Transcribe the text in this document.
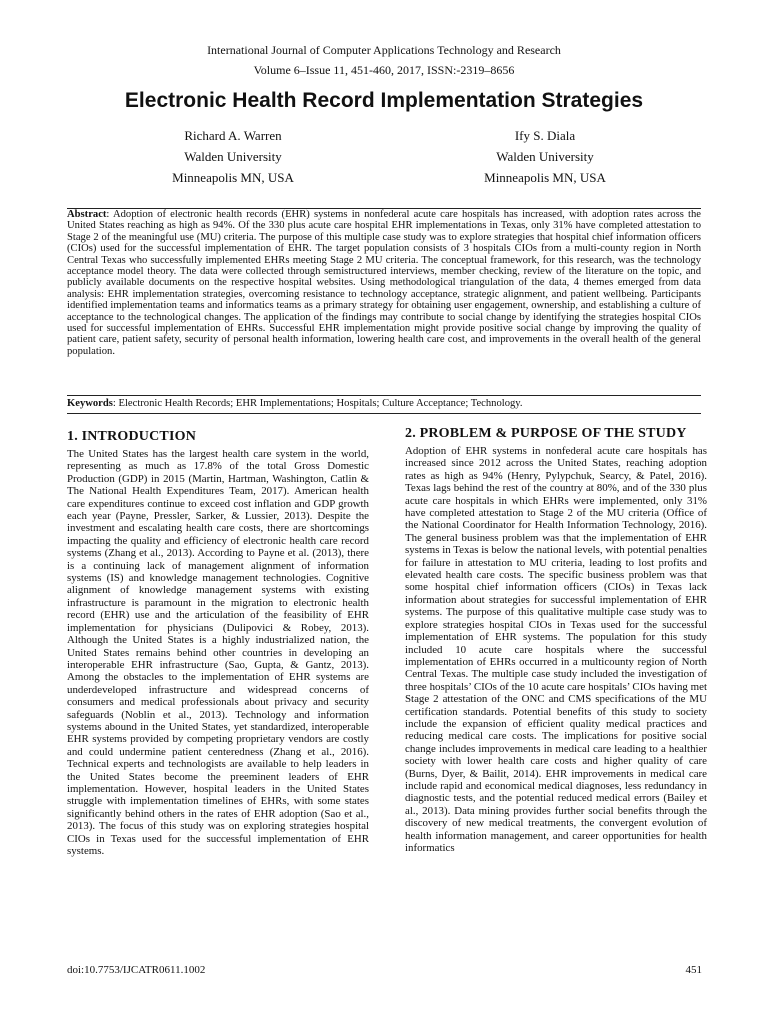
International Journal of Computer Applications Technology and Research
Volume 6–Issue 11, 451-460, 2017, ISSN:-2319–8656
Electronic Health Record Implementation Strategies
Richard A. Warren
Walden University
Minneapolis MN, USA
Ify S. Diala
Walden University
Minneapolis MN, USA

Abstract: Adoption of electronic health records (EHR) systems in nonfederal acute care hospitals has increased, with adoption rates across the United States reaching as high as 94%. Of the 330 plus acute care hospital EHR implementations in Texas, only 31% have completed attestation to Stage 2 of the meaningful use (MU) criteria. The purpose of this multiple case study was to explore strategies that hospital chief information officers (CIOs) used for the successful implementation of EHR. The target population consists of 3 hospitals CIOs from a multi-county region in North Central Texas who successfully implemented EHRs meeting Stage 2 MU criteria. The conceptual framework, for this research, was the technology acceptance model theory. The data were collected through semistructured interviews, member checking, review of the literature on the topic, and publicly available documents on the respective hospital websites. Using methodological triangulation of the data, 4 themes emerged from data analysis: EHR implementation strategies, overcoming resistance to technology acceptance, strategic alignment, and patient wellbeing. Participants identified implementation teams and informatics teams as a primary strategy for obtaining user engagement, ownership, and establishing a culture of acceptance to the technological changes. The application of the findings may contribute to social change by identifying the strategies hospital CIOs used for successful implementation of EHRs. Successful EHR implementation might provide positive social change by improving the quality of patient care, patient safety, security of personal health information, lowering health care cost, and improvements in the overall health of the general population.

Keywords: Electronic Health Records; EHR Implementations; Hospitals; Culture Acceptance; Technology.

1. INTRODUCTION

The United States has the largest health care system in the world, representing as much as 17.8% of the total Gross Domestic Production (GDP) in 2015 (Martin, Hartman, Washington, Catlin & The National Health Expenditures Team, 2017). American health care expenditures continue to exceed cost inflation and GDP growth each year (Payne, Pressler, Sarker, & Lussier, 2013). Despite the investment and escalating health care costs, there are shortcomings impacting the quality and efficiency of electronic health care record systems (Zhang et al., 2013). According to Payne et al. (2013), there is a continuing lack of management alignment of information systems (IS) and knowledge management technologies. Cognitive alignment of knowledge management systems with existing infrastructure is paramount in the migration to electronic health record (EHR) use and the articulation of the feasibility of EHR implementation for physicians (Dulipovici & Robey, 2013). Although the United States is a highly industrialized nation, the United States remains behind other countries in developing an interoperable EHR infrastructure (Sao, Gupta, & Gantz, 2013). Among the obstacles to the implementation of EHR systems are underdeveloped infrastructure and widespread concerns of consumers and medical professionals about privacy and security safeguards (Noblin et al., 2013). Technology and information systems abound in the United States, yet standardized, interoperable EHR systems provided by competing proprietary vendors are costly and could undermine patient centeredness (Zhang et al., 2016). Technical experts and technologists are available to help leaders in the United States become the preeminent leaders of EHR implementation. However, hospital leaders in the United States struggle with implementation timelines of EHRs, with some states significantly behind others in the rates of EHR adoption (Sao et al., 2013). The focus of this study was on exploring strategies hospital CIOs in Texas used for the successful implementation of EHR systems.

2. PROBLEM & PURPOSE OF THE STUDY

Adoption of EHR systems in nonfederal acute care hospitals has increased since 2012 across the United States, reaching adoption rates as high as 94% (Henry, Pylypchuk, Searcy, & Patel, 2016). Texas lags behind the rest of the country at 80%, and of the 330 plus acute care hospitals in which EHRs were implemented, only 31% have completed attestation to Stage 2 of the MU criteria (Office of the National Coordinator for Health Information Technology, 2016). The general business problem was that the implementation of EHR systems in Texas is below the national levels, with potential penalties for failure in attestation to MU criteria, leading to lost profits and elevated health care costs. The specific business problem was that some hospital chief information officers (CIOs) in Texas lack information about strategies for successful implementation of EHR systems. The purpose of this qualitative multiple case study was to explore strategies hospital CIOs in Texas used for the successful implementation of EHR systems. The population for this study included 10 acute care hospitals where the successful implementation of EHRs occurred in a multicounty region of North Central Texas. The multiple case study included the investigation of three hospitals’ CIOs of the 10 acute care hospitals’ CIOs having met Stage 2 attestation of the ONC and CMS specifications of the MU certification standards. Potential benefits of this study to society include the expansion of efficient quality medical practices and reducing medical care costs. The implications for positive social change includes improvements in medical care leading to a healthier society with lower health care costs and higher quality of care (Burns, Dyer, & Bailit, 2014). EHR improvements in medical care include rapid and economical medical diagnoses, less redundancy in diagnostic tests, and the potential reduced medical errors (Bailey et al., 2013). Data mining provides further social benefits through the discovery of new medical treatments, the convergent evolution of health information management, and career opportunities for health informatics

doi:10.7753/IJCATR0611.1002	451
